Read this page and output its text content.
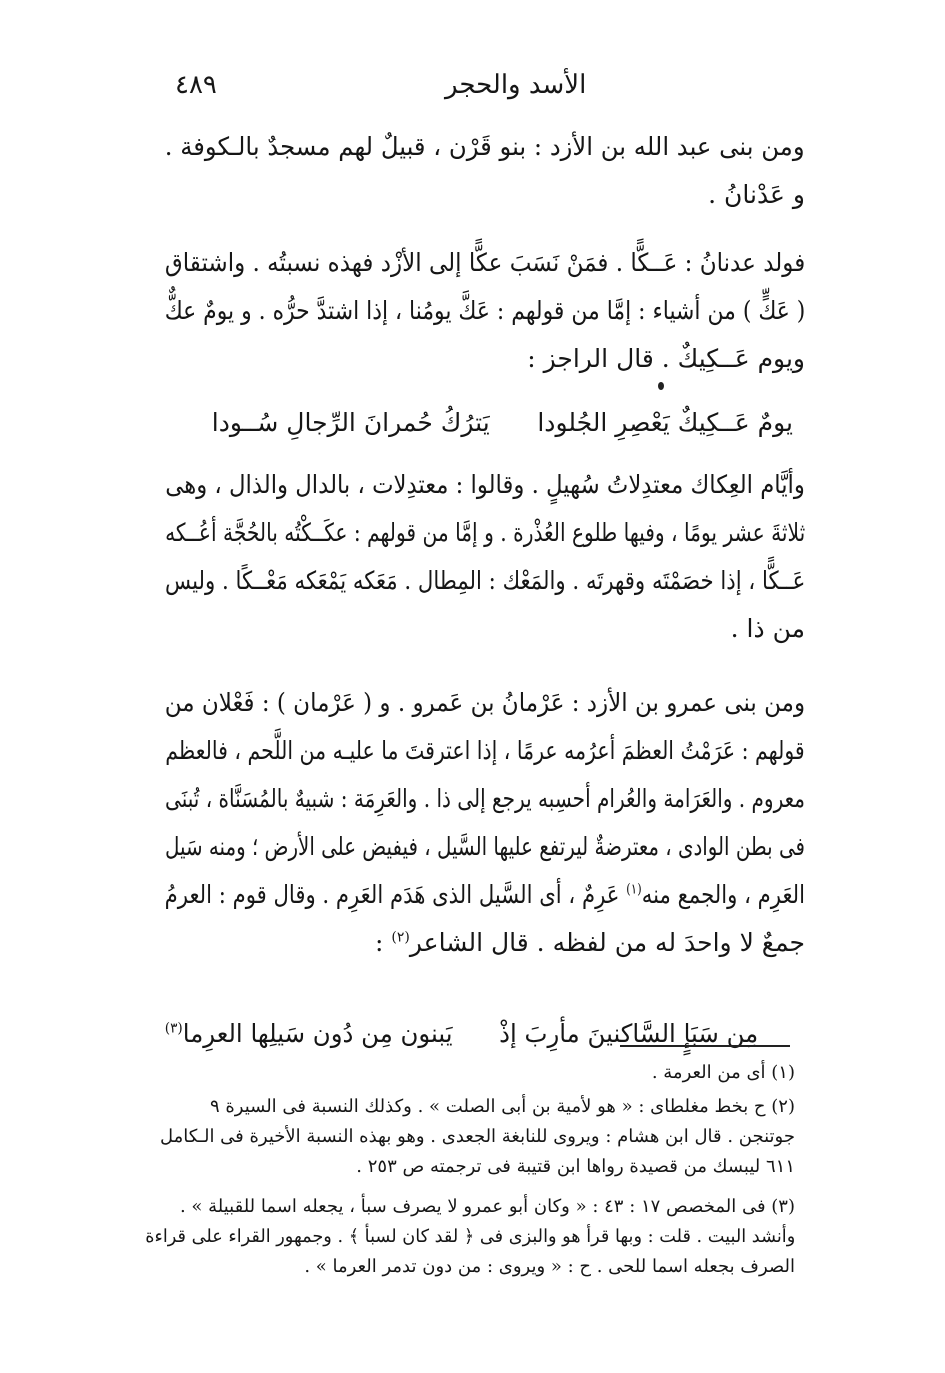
٤٨٩	الأسد والحجر
ومن بنى عبد الله بن الأزد : بنو قَرْن ، قبيلٌ لهم مسجدٌ بالـكوفة .
و عَدْنانُ .
فولد عدنانُ : عَــكًّا . فمَنْ نَسَبَ عكًّا إلى الأزْد فهذه نسبتُه . واشتقاق
( عَكٍّ ) من أشياء : إمَّا من قولهم : عَكَّ يومُنا ، إذا اشتدَّ حرُّه . و يومٌ عكٌّ
ويوم عَــكِيكٌ . قال الراجز :
يومٌ عَــكِيكٌ يَعْصِرِ الجُلودا      يَترُكُ حُمرانَ الرِّجالِ سُــودا
وأيَّام العِكاك معتدِلاتُ سُهيلٍ . وقالوا : معتدِلات ، بالدال والذال ، وهى
ثلاثةَ عشر يومًا ، وفيها طلوع العُذْرة . و إمَّا من قولهم : عكَــكْتُه بالحُجَّة أعُــكه
عَــكًّا ، إذا خصَمْتَه وقهرتَه . والمَعْك : المِطال . مَعَكه يَمْعَكه مَعْــكًا . وليس
من ذا .
ومن بنى عمرو بن الأزد : عَرْمانُ بن عَمرو . و ( عَرْمان ) : فَعْلان من
قولهم : عَرَمْتُ العظمَ أعرُمه عرمًا ، إذا اعترقتَ ما عليـه من اللَّحم ، فالعظم
معروم . والعَرَامة والعُرام أحسِبه يرجع إلى ذا . والعَرِمَة : شبيهٌ بالمُسَنَّاة ، تُبنَى
فى بطن الوادى ، معترضةٌ ليرتفع عليها السَّيل ، فيفيض على الأرض ؛ ومنه سَيل
العَرِم ، والجمع منه$^{(١)}$ عَرِمٌ ، أى السَّيل الذى هَدَم العَرِم . وقال قوم : العرمُ
جمعٌ لا واحدَ له من لفظه . قال الشاعر$^{(٢)}$ :

مِن سَبَإٍ السَّاكنينَ مأرِبَ إذْ      يَبنون مِن دُون سَيلِها العرِما$^{(٣)}$

(١) أى من العرمة .
(٢) ح بخط مغلطاى : « هو لأمية بن أبى الصلت » . وكذلك النسبة فى السيرة ٩
جوتنجن . قال ابن هشام : ويروى للنابغة الجعدى . وهو بهذه النسبة الأخيرة فى الـكامل
٦١١ ليبسك من قصيدة رواها ابن قتيبة فى ترجمته ص ٢٥٣ .
(٣) فى المخصص ١٧ : ٤٣ : « وكان أبو عمرو لا يصرف سبأ ، يجعله اسما للقبيلة » .
وأنشد البيت . قلت : وبها قرأ هو والبزى فى ﴿ لقد كان لسبأ ﴾ . وجمهور القراء على قراءة
الصرف بجعله اسما للحى . ح : « ويروى : من دون تدمر العرما » .
